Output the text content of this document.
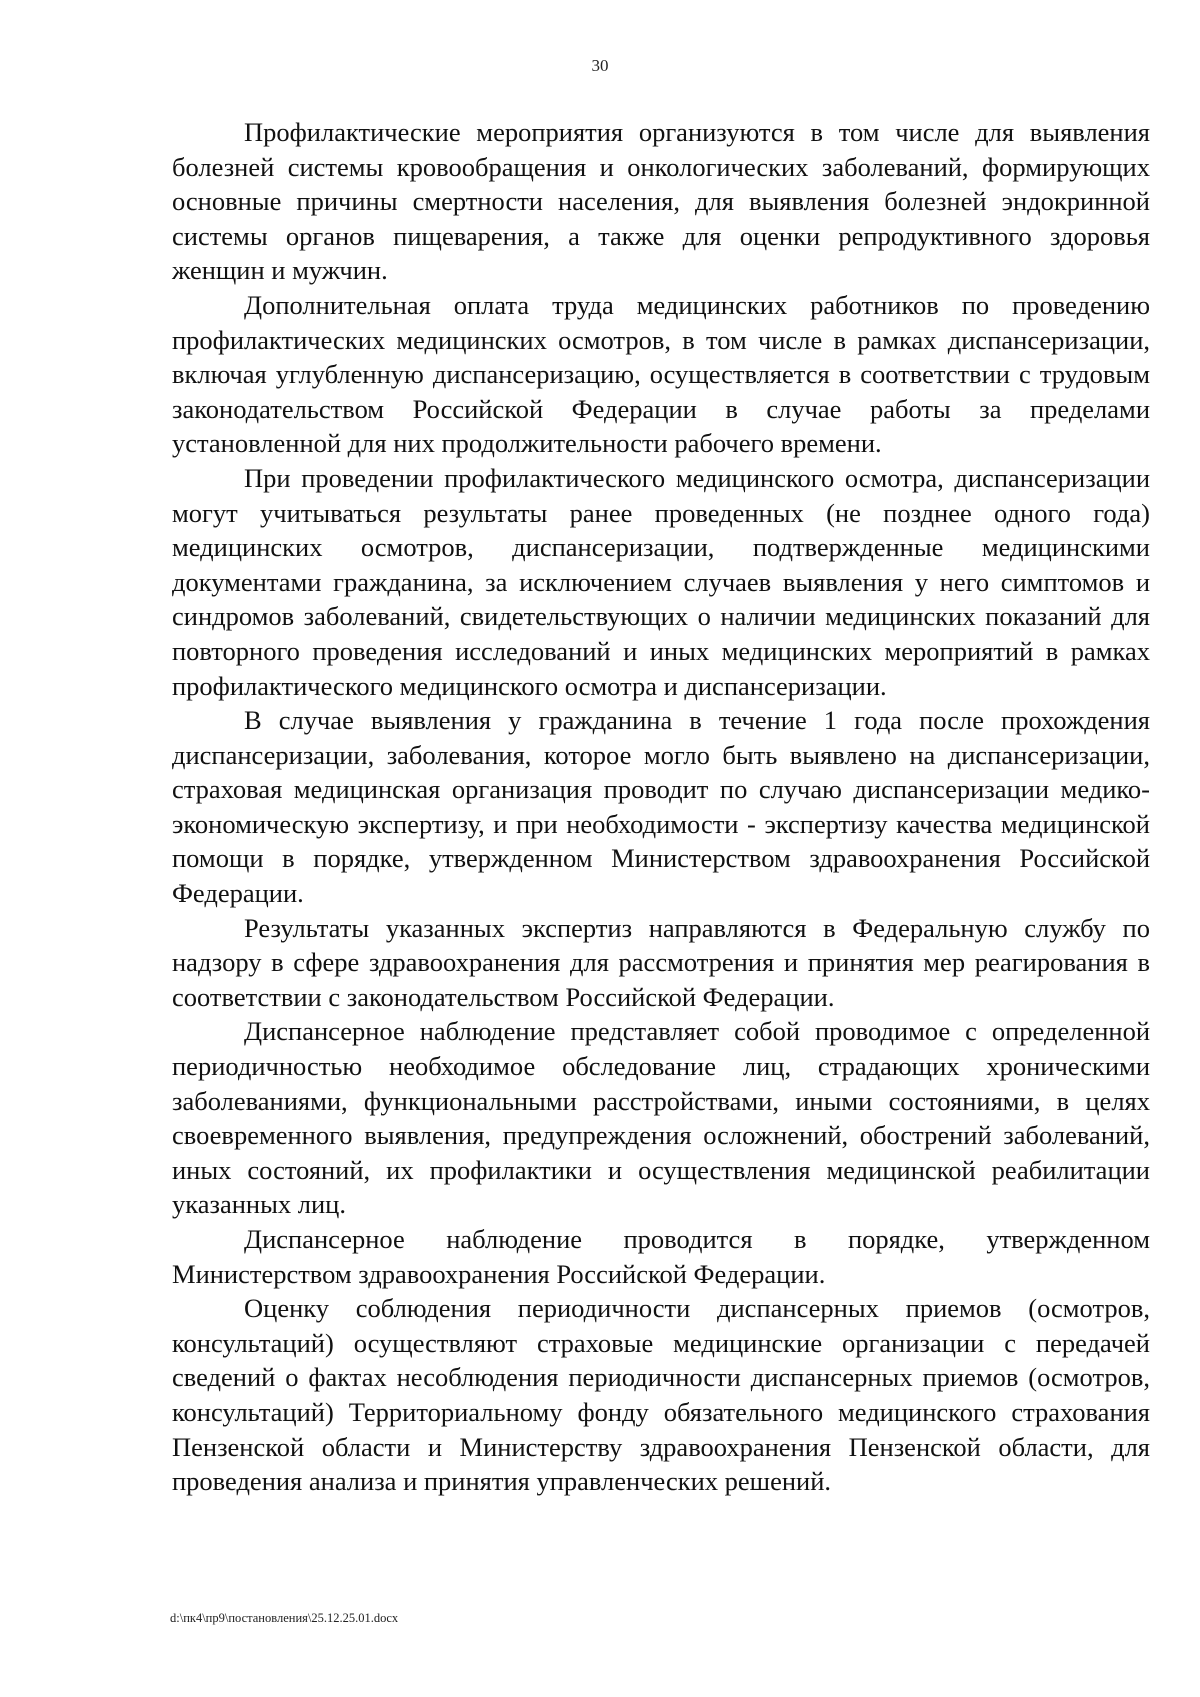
30

Профилактические мероприятия организуются в том числе для выявления болезней системы кровообращения и онкологических заболеваний, формирующих основные причины смертности населения, для выявления болезней эндокринной системы органов пищеварения, а также для оценки репродуктивного здоровья женщин и мужчин.

Дополнительная оплата труда медицинских работников по проведению профилактических медицинских осмотров, в том числе в рамках диспансеризации, включая углубленную диспансеризацию, осуществляется в соответствии с трудовым законодательством Российской Федерации в случае работы за пределами установленной для них продолжительности рабочего времени.

При проведении профилактического медицинского осмотра, диспансеризации могут учитываться результаты ранее проведенных (не позднее одного года) медицинских осмотров, диспансеризации, подтвержденные медицинскими документами гражданина, за исключением случаев выявления у него симптомов и синдромов заболеваний, свидетельствующих о наличии медицинских показаний для повторного проведения исследований и иных медицинских мероприятий в рамках профилактического медицинского осмотра и диспансеризации.

В случае выявления у гражданина в течение 1 года после прохождения диспансеризации, заболевания, которое могло быть выявлено на диспансеризации, страховая медицинская организация проводит по случаю диспансеризации медико-экономическую экспертизу, и при необходимости - экспертизу качества медицинской помощи в порядке, утвержденном Министерством здравоохранения Российской Федерации.

Результаты указанных экспертиз направляются в Федеральную службу по надзору в сфере здравоохранения для рассмотрения и принятия мер реагирования в соответствии с законодательством Российской Федерации.

Диспансерное наблюдение представляет собой проводимое с определенной периодичностью необходимое обследование лиц, страдающих хроническими заболеваниями, функциональными расстройствами, иными состояниями, в целях своевременного выявления, предупреждения осложнений, обострений заболеваний, иных состояний, их профилактики и осуществления медицинской реабилитации указанных лиц.

Диспансерное наблюдение проводится в порядке, утвержденном Министерством здравоохранения Российской Федерации.

Оценку соблюдения периодичности диспансерных приемов (осмотров, консультаций) осуществляют страховые медицинские организации с передачей сведений о фактах несоблюдения периодичности диспансерных приемов (осмотров, консультаций) Территориальному фонду обязательного медицинского страхования Пензенской области и Министерству здравоохранения Пензенской области, для проведения анализа и принятия управленческих решений.

d:\пк4\пр9\постановления\25.12.25.01.docx
